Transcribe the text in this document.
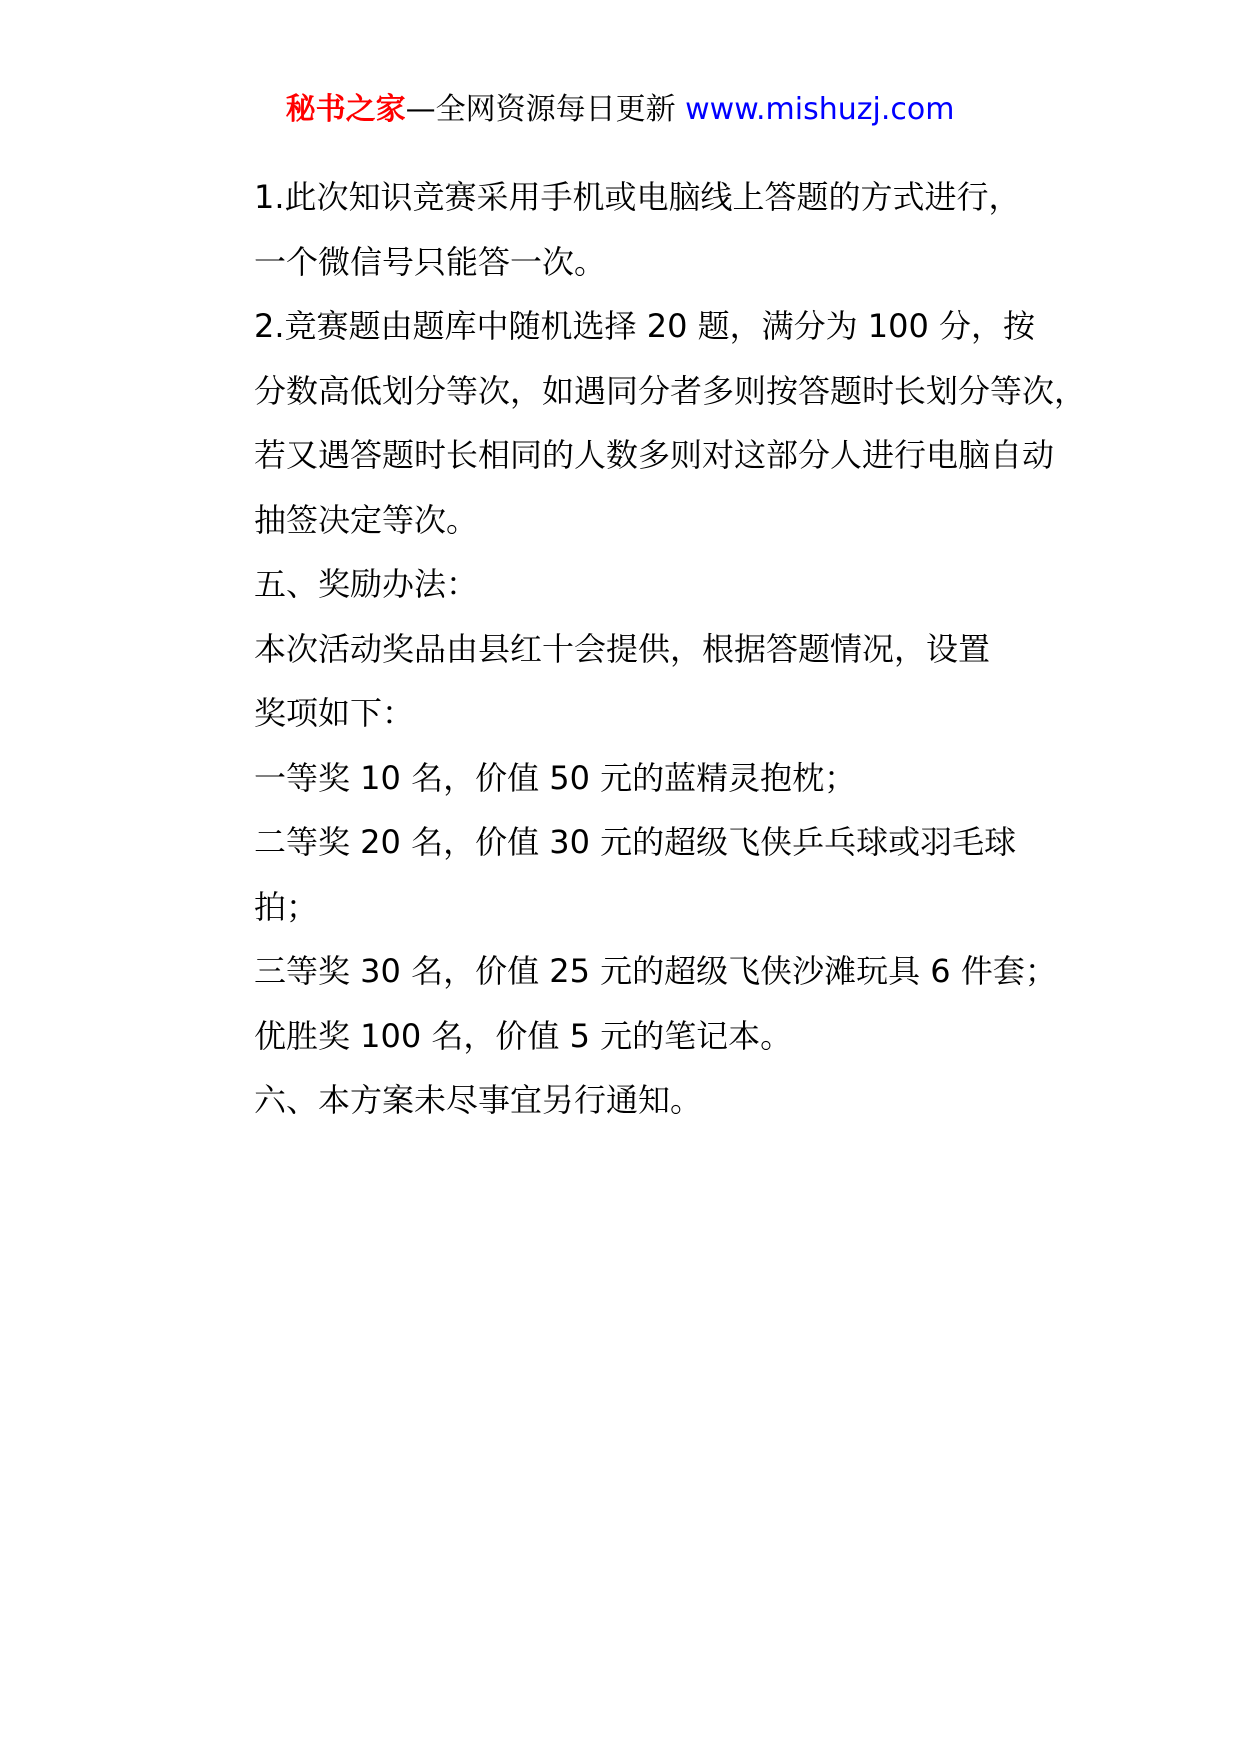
秘书之家—全网资源每日更新 www.mishuzj.com

1.此次知识竞赛采用手机或电脑线上答题的方式进行，
一个微信号只能答一次。

2.竞赛题由题库中随机选择 20 题，满分为 100 分，按
分数高低划分等次，如遇同分者多则按答题时长划分等次，
若又遇答题时长相同的人数多则对这部分人进行电脑自动
抽签决定等次。

五、奖励办法：

本次活动奖品由县红十会提供，根据答题情况，设置
奖项如下：

一等奖 10 名，价值 50 元的蓝精灵抱枕；

二等奖 20 名，价值 30 元的超级飞侠乒乓球或羽毛球
拍；

三等奖 30 名，价值 25 元的超级飞侠沙滩玩具 6 件套；

优胜奖 100 名，价值 5 元的笔记本。

六、本方案未尽事宜另行通知。
